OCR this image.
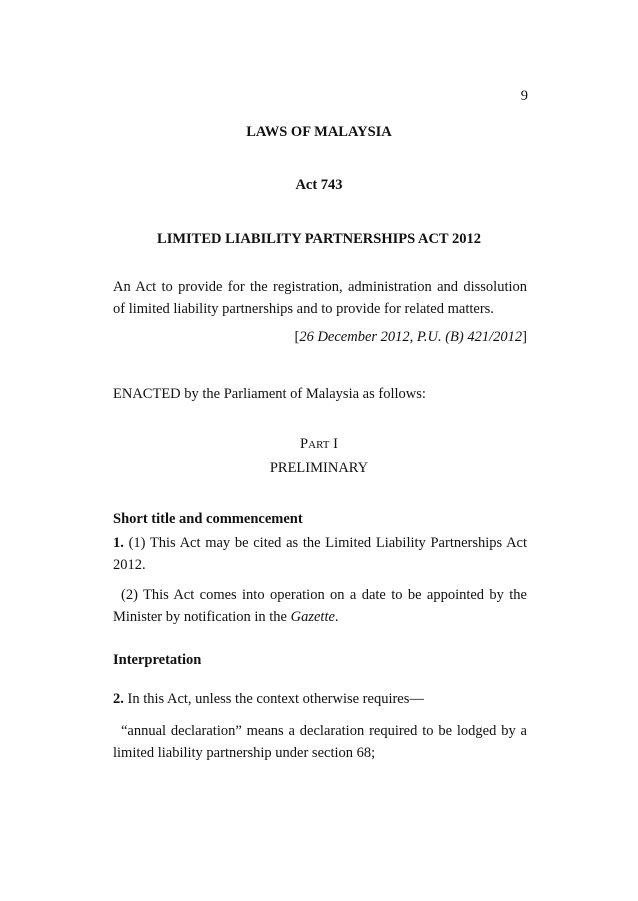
9
LAWS OF MALAYSIA
Act 743
LIMITED LIABILITY PARTNERSHIPS ACT 2012
An Act to provide for the registration, administration and dissolution of limited liability partnerships and to provide for related matters.
[26 December 2012, P.U. (B) 421/2012]
ENACTED by the Parliament of Malaysia as follows:
PART I
PRELIMINARY
Short title and commencement
1. (1) This Act may be cited as the Limited Liability Partnerships Act 2012.
(2) This Act comes into operation on a date to be appointed by the Minister by notification in the Gazette.
Interpretation
2. In this Act, unless the context otherwise requires—
“annual declaration” means a declaration required to be lodged by a limited liability partnership under section 68;
